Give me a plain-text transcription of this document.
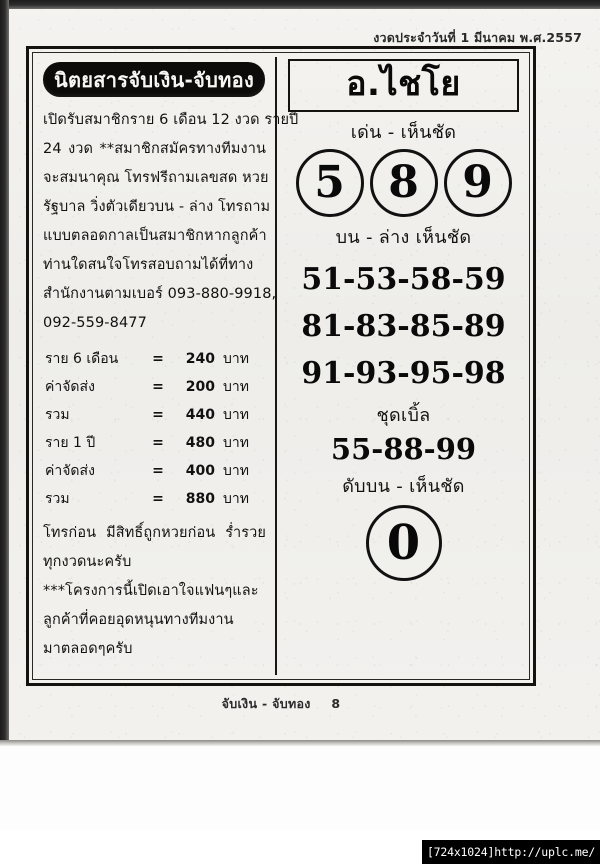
งวดประจำวันที่ 1 มีนาคม พ.ศ.2557
นิตยสารจับเงิน-จับทอง
เปิดรับสมาชิกราย 6 เดือน 12 งวด รายปี
24 งวด **สมาชิกสมัครทางทีมงาน
จะสมนาคุณ โทรฟรีถามเลขสด หวย
รัฐบาล วิ่งตัวเดียวบน - ล่าง โทรถาม
แบบตลอดกาลเป็นสมาชิกหากลูกค้า
ท่านใดสนใจโทรสอบถามได้ที่ทาง
สำนักงานตามเบอร์ 093-880-9918,
092-559-8477
ราย 6 เดือน	=	240 บาท
ค่าจัดส่ง	=	200 บาท
รวม	=	440 บาท
ราย 1 ปี	=	480 บาท
ค่าจัดส่ง	=	400 บาท
รวม	=	880 บาท
โทรก่อน มีสิทธิ์ถูกหวยก่อน ร่ำรวย
ทุกงวดนะครับ
***โครงการนี้เปิดเอาใจแฟนๆและ
ลูกค้าที่คอยอุดหนุนทางทีมงาน
มาตลอดๆครับ
อ.ไชโย
เด่น - เห็นชัด
5 8 9
บน - ล่าง เห็นชัด
51-53-58-59
81-83-85-89
91-93-95-98
ชุดเบิ้ล
55-88-99
ดับบน - เห็นชัด
0
จับเงิน - จับทอง 8
[724x1024] http://uplc.me/
